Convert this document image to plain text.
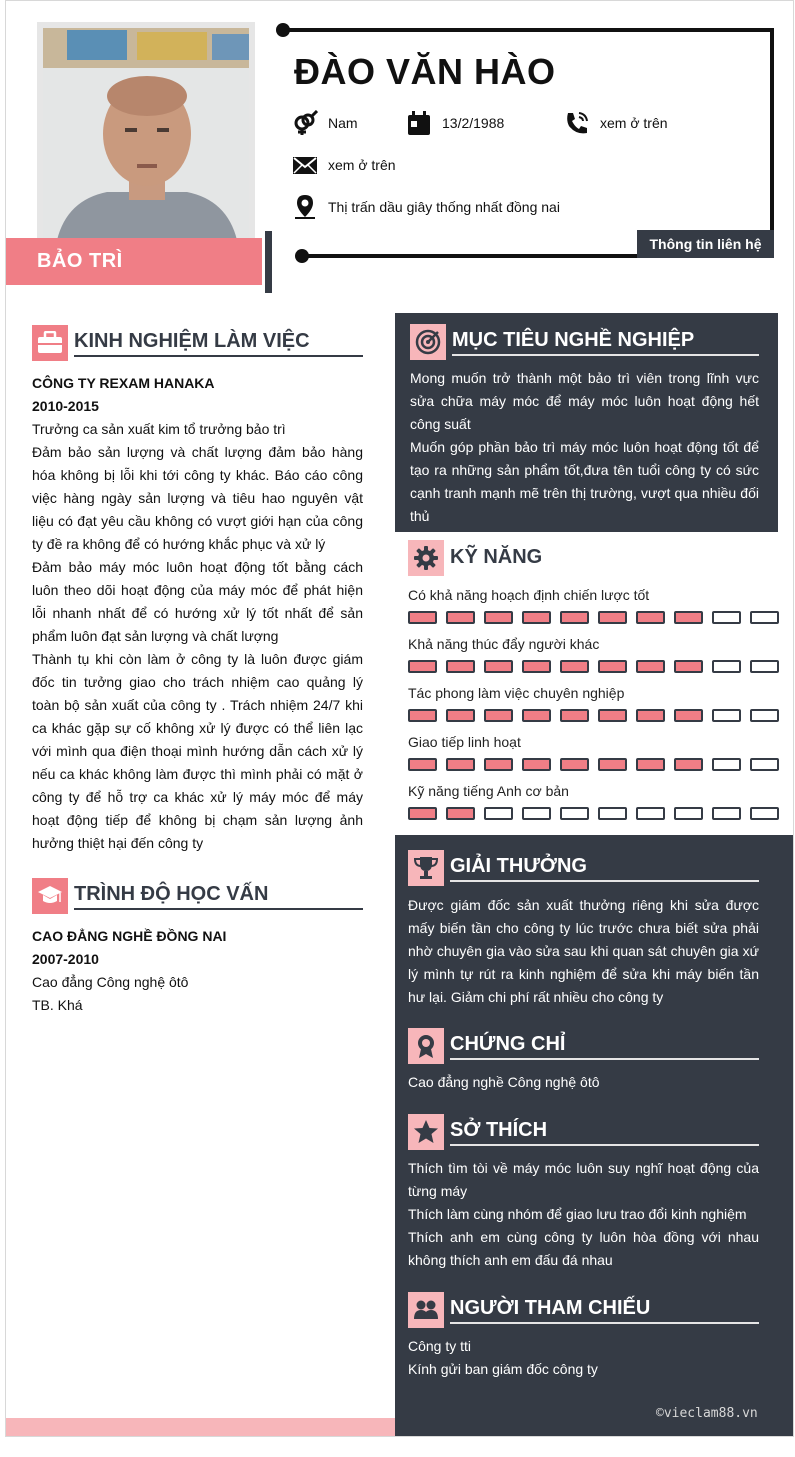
BẢO TRÌ
ĐÀO VĂN HÀO
Nam	13/2/1988	xem ở trên
xem ở trên
Thị trấn dầu giây thống nhất đồng nai
Thông tin liên hệ
KINH NGHIỆM LÀM VIỆC
CÔNG TY REXAM HANAKA
2010-2015
Trưởng ca sản xuất kim tổ trưởng bảo trì
Đảm bảo sản lượng và chất lượng đảm bảo hàng hóa không bị lỗi khi tới công ty khác. Báo cáo công việc hàng ngày sản lượng và tiêu hao nguyên vật liệu có đạt yêu cầu không có vượt giới hạn của công ty đề ra không để có hướng khắc phục và xử lý
Đảm bảo máy móc luôn hoạt động tốt bằng cách luôn theo dõi hoạt động của máy móc để phát hiện lỗi nhanh nhất để có hướng xử lý tốt nhất để sản phẩm luôn đạt sản lượng và chất lượng
Thành tụ khi còn làm ở công ty là luôn được giám đốc tin tưởng giao cho trách nhiệm cao quảng lý toàn bộ sản xuất của công ty . Trách nhiệm 24/7 khi ca khác gặp sự cố không xử lý được có thể liên lạc với mình qua điện thoại mình hướng dẫn cách xử lý nếu ca khác không làm được thì mình phải có mặt ở công ty để hỗ trợ ca khác xử lý máy móc để máy hoạt động tiếp để không bị chạm sản lượng ảnh hưởng thiệt hại đến công ty
TRÌNH ĐỘ HỌC VẤN
CAO ĐẲNG NGHỀ ĐỒNG NAI
2007-2010
Cao đẳng Công nghệ ôtô
TB. Khá
MỤC TIÊU NGHỀ NGHIỆP
Mong muốn trở thành một bảo trì viên trong lĩnh vực sửa chữa máy móc để máy móc luôn hoạt động hết công suất
Muốn góp phần bảo trì máy móc luôn hoạt động tốt để tạo ra những sản phẩm tốt,đưa tên tuổi công ty có sức cạnh tranh mạnh mẽ trên thị trường, vượt qua nhiều đối thủ
KỸ NĂNG
Có khả năng hoạch định chiến lược tốt
Khả năng thúc đẩy người khác
Tác phong làm việc chuyên nghiệp
Giao tiếp linh hoạt
Kỹ năng tiếng Anh cơ bản
GIẢI THƯỞNG
Được giám đốc sản xuất thưởng riêng khi sửa được mấy biến tần cho công ty lúc trước chưa biết sửa phải nhờ chuyên gia vào sửa sau khi quan sát chuyên gia xứ lý mình tự rút ra kinh nghiệm để sửa khi máy biến tần hư lại. Giảm chi phí rất nhiều cho công ty
CHỨNG CHỈ
Cao đẳng nghề Công nghệ ôtô
SỞ THÍCH
Thích tìm tòi về máy móc luôn suy nghĩ hoạt động của từng máy
Thích làm cùng nhóm để giao lưu trao đổi kinh nghiệm
Thích anh em cùng công ty luôn hòa đồng với nhau không thích anh em đấu đá nhau
NGƯỜI THAM CHIẾU
Công ty tti
Kính gửi ban giám đốc công ty
©vieclam88.vn
